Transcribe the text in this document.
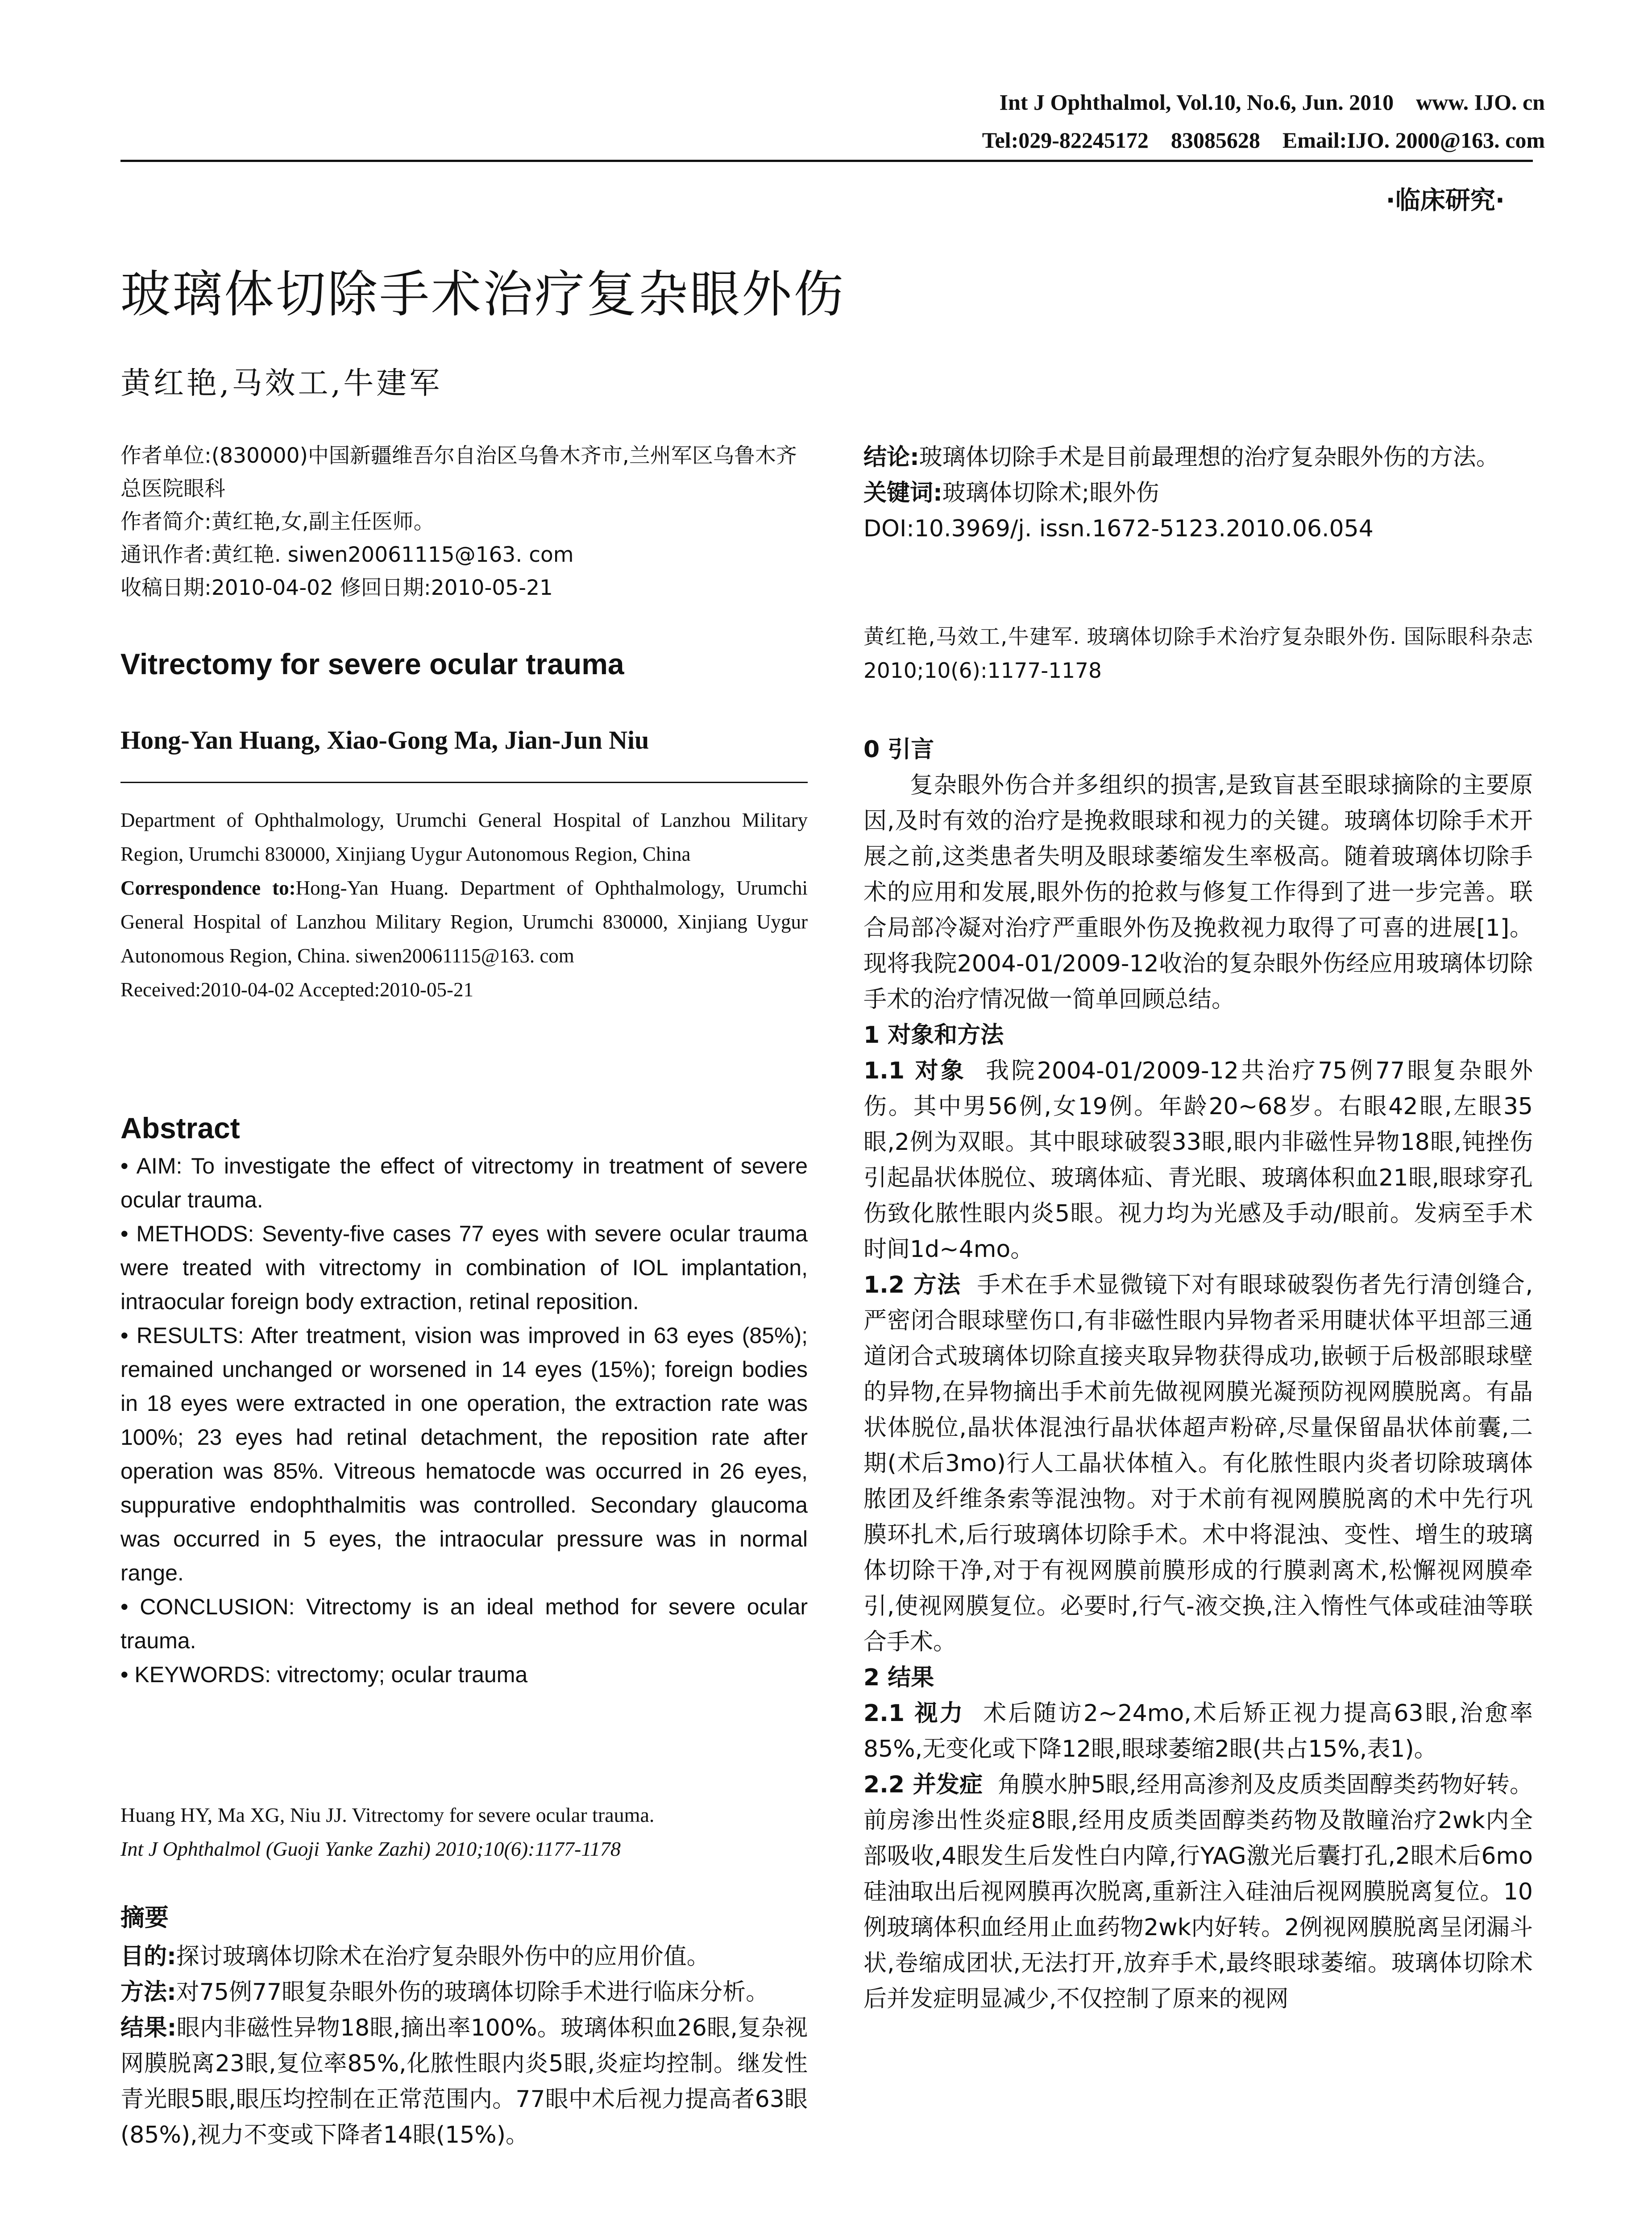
Int J Ophthalmol, Vol.10, No.6, Jun. 2010    www. IJO. cn
Tel:029-82245172    83085628    Email:IJO. 2000@163. com
·临床研究·
玻璃体切除手术治疗复杂眼外伤
黄红艳,马效工,牛建军

作者单位:(830000)中国新疆维吾尔自治区乌鲁木齐市,兰州军区乌鲁木齐总医院眼科

作者简介:黄红艳,女,副主任医师。

通讯作者:黄红艳. siwen20061115@163. com

收稿日期:2010-04-02 修回日期:2010-05-21

Vitrectomy for severe ocular trauma
Hong-Yan Huang, Xiao-Gong Ma, Jian-Jun Niu

Department of Ophthalmology, Urumchi General Hospital of Lanzhou Military Region, Urumchi 830000, Xinjiang Uygur Autonomous Region, China

Correspondence to:Hong-Yan Huang. Department of Ophthalmology, Urumchi General Hospital of Lanzhou Military Region, Urumchi 830000, Xinjiang Uygur Autonomous Region, China. siwen20061115@163. com

Received:2010-04-02 Accepted:2010-05-21

Abstract

• AIM: To investigate the effect of vitrectomy in treatment of severe ocular trauma.

• METHODS: Seventy-five cases 77 eyes with severe ocular trauma were treated with vitrectomy in combination of IOL implantation, intraocular foreign body extraction, retinal reposition.

• RESULTS: After treatment, vision was improved in 63 eyes (85%); remained unchanged or worsened in 14 eyes (15%); foreign bodies in 18 eyes were extracted in one operation, the extraction rate was 100%; 23 eyes had retinal detachment, the reposition rate after operation was 85%. Vitreous hematocde was occurred in 26 eyes, suppurative endophthalmitis was controlled. Secondary glaucoma was occurred in 5 eyes, the intraocular pressure was in normal range.

• CONCLUSION: Vitrectomy is an ideal method for severe ocular trauma.

• KEYWORDS: vitrectomy; ocular trauma

Huang HY, Ma XG, Niu JJ. Vitrectomy for severe ocular trauma.

Int J Ophthalmol (Guoji Yanke Zazhi) 2010;10(6):1177-1178

摘要

目的:探讨玻璃体切除术在治疗复杂眼外伤中的应用价值。

方法:对75例77眼复杂眼外伤的玻璃体切除手术进行临床分析。

结果:眼内非磁性异物18眼,摘出率100%。玻璃体积血26眼,复杂视网膜脱离23眼,复位率85%,化脓性眼内炎5眼,炎症均控制。继发性青光眼5眼,眼压均控制在正常范围内。77眼中术后视力提高者63眼(85%),视力不变或下降者14眼(15%)。

结论:玻璃体切除手术是目前最理想的治疗复杂眼外伤的方法。

关键词:玻璃体切除术;眼外伤

DOI:10.3969/j. issn.1672-5123.2010.06.054

黄红艳,马效工,牛建军. 玻璃体切除手术治疗复杂眼外伤. 国际眼科杂志 2010;10(6):1177-1178

0 引言

复杂眼外伤合并多组织的损害,是致盲甚至眼球摘除的主要原因,及时有效的治疗是挽救眼球和视力的关键。玻璃体切除手术开展之前,这类患者失明及眼球萎缩发生率极高。随着玻璃体切除手术的应用和发展,眼外伤的抢救与修复工作得到了进一步完善。联合局部冷凝对治疗严重眼外伤及挽救视力取得了可喜的进展[1]。现将我院2004-01/2009-12收治的复杂眼外伤经应用玻璃体切除手术的治疗情况做一简单回顾总结。

1 对象和方法

1.1 对象 我院2004-01/2009-12共治疗75例77眼复杂眼外伤。其中男56例,女19例。年龄20~68岁。右眼42眼,左眼35眼,2例为双眼。其中眼球破裂33眼,眼内非磁性异物18眼,钝挫伤引起晶状体脱位、玻璃体疝、青光眼、玻璃体积血21眼,眼球穿孔伤致化脓性眼内炎5眼。视力均为光感及手动/眼前。发病至手术时间1d~4mo。

1.2 方法 手术在手术显微镜下对有眼球破裂伤者先行清创缝合,严密闭合眼球壁伤口,有非磁性眼内异物者采用睫状体平坦部三通道闭合式玻璃体切除直接夹取异物获得成功,嵌顿于后极部眼球壁的异物,在异物摘出手术前先做视网膜光凝预防视网膜脱离。有晶状体脱位,晶状体混浊行晶状体超声粉碎,尽量保留晶状体前囊,二期(术后3mo)行人工晶状体植入。有化脓性眼内炎者切除玻璃体脓团及纤维条索等混浊物。对于术前有视网膜脱离的术中先行巩膜环扎术,后行玻璃体切除手术。术中将混浊、变性、增生的玻璃体切除干净,对于有视网膜前膜形成的行膜剥离术,松懈视网膜牵引,使视网膜复位。必要时,行气-液交换,注入惰性气体或硅油等联合手术。

2 结果

2.1 视力 术后随访2~24mo,术后矫正视力提高63眼,治愈率85%,无变化或下降12眼,眼球萎缩2眼(共占15%,表1)。

2.2 并发症 角膜水肿5眼,经用高渗剂及皮质类固醇类药物好转。前房渗出性炎症8眼,经用皮质类固醇类药物及散瞳治疗2wk内全部吸收,4眼发生后发性白内障,行YAG激光后囊打孔,2眼术后6mo硅油取出后视网膜再次脱离,重新注入硅油后视网膜脱离复位。10例玻璃体积血经用止血药物2wk内好转。2例视网膜脱离呈闭漏斗状,卷缩成团状,无法打开,放弃手术,最终眼球萎缩。玻璃体切除术后并发症明显减少,不仅控制了原来的视网
